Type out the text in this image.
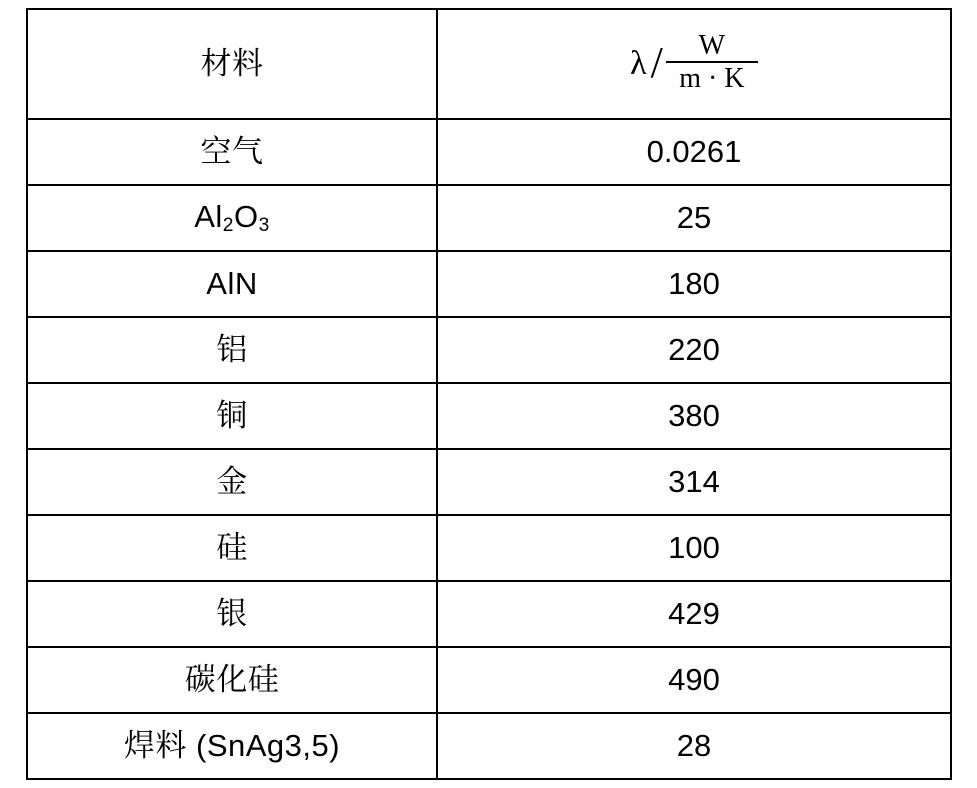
材料	λ / $\frac{W}{m \cdot K}$

空气	0.0261
$Al_2O_3$	25
AlN	180
铝	220
铜	380
金	314
硅	100
银	429
碳化硅	490
焊料 (SnAg3,5)	28
